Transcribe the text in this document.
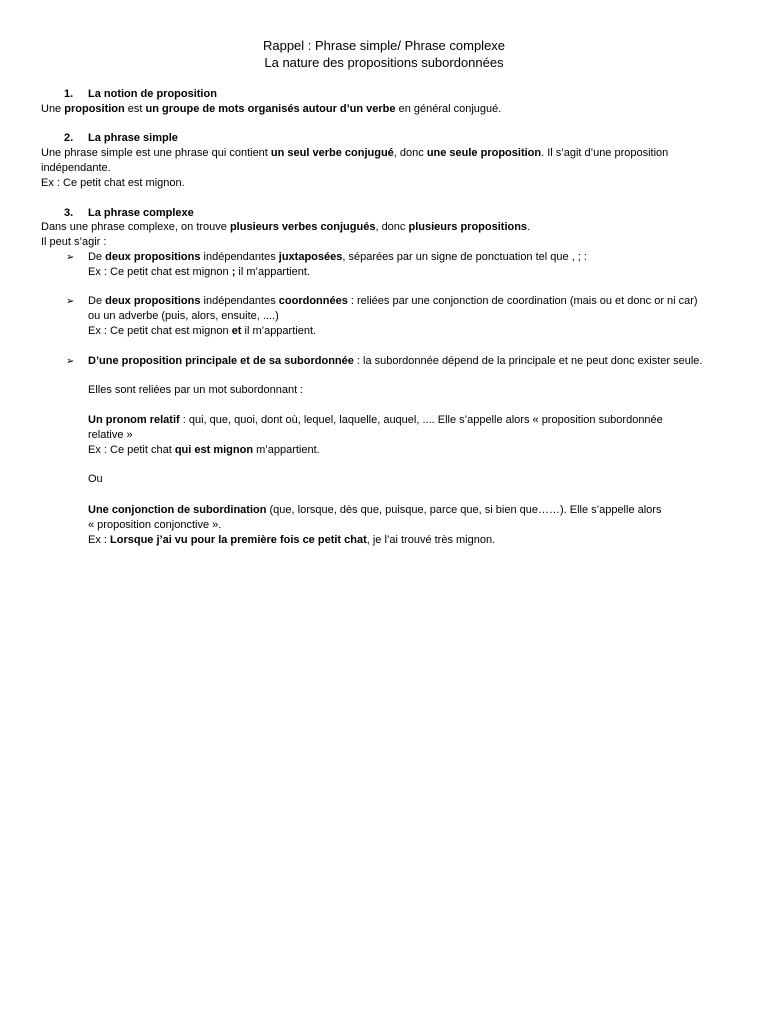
Rappel : Phrase simple/ Phrase complexe
La nature des propositions subordonnées
1. La notion de proposition
Une proposition est un groupe de mots organisés autour d’un verbe en général conjugué.
2. La phrase simple
Une phrase simple est une phrase qui contient un seul verbe conjugué, donc une seule proposition. Il s’agit d’une proposition
indépendante.
Ex : Ce petit chat est mignon.
3. La phrase complexe
Dans une phrase complexe, on trouve plusieurs verbes conjugués, donc plusieurs propositions.
Il peut s’agir :
➢ De deux propositions indépendantes juxtaposées, séparées par un signe de ponctuation tel que , ; :
Ex : Ce petit chat est mignon ; il m’appartient.
➢ De deux propositions indépendantes coordonnées : reliées par une conjonction de coordination (mais ou et donc or ni car)
ou un adverbe (puis, alors, ensuite, ....)
Ex : Ce petit chat est mignon et il m’appartient.
➢ D’une proposition principale et de sa subordonnée : la subordonnée dépend de la principale et ne peut donc exister seule.
Elles sont reliées par un mot subordonnant :
Un pronom relatif : qui, que, quoi, dont où, lequel, laquelle, auquel, .... Elle s’appelle alors « proposition subordonnée
relative »
Ex : Ce petit chat qui est mignon m’appartient.
Ou
Une conjonction de subordination (que, lorsque, dès que, puisque, parce que, si bien que……). Elle s’appelle alors
« proposition conjonctive ».
Ex : Lorsque j’ai vu pour la première fois ce petit chat, je l’ai trouvé très mignon.
